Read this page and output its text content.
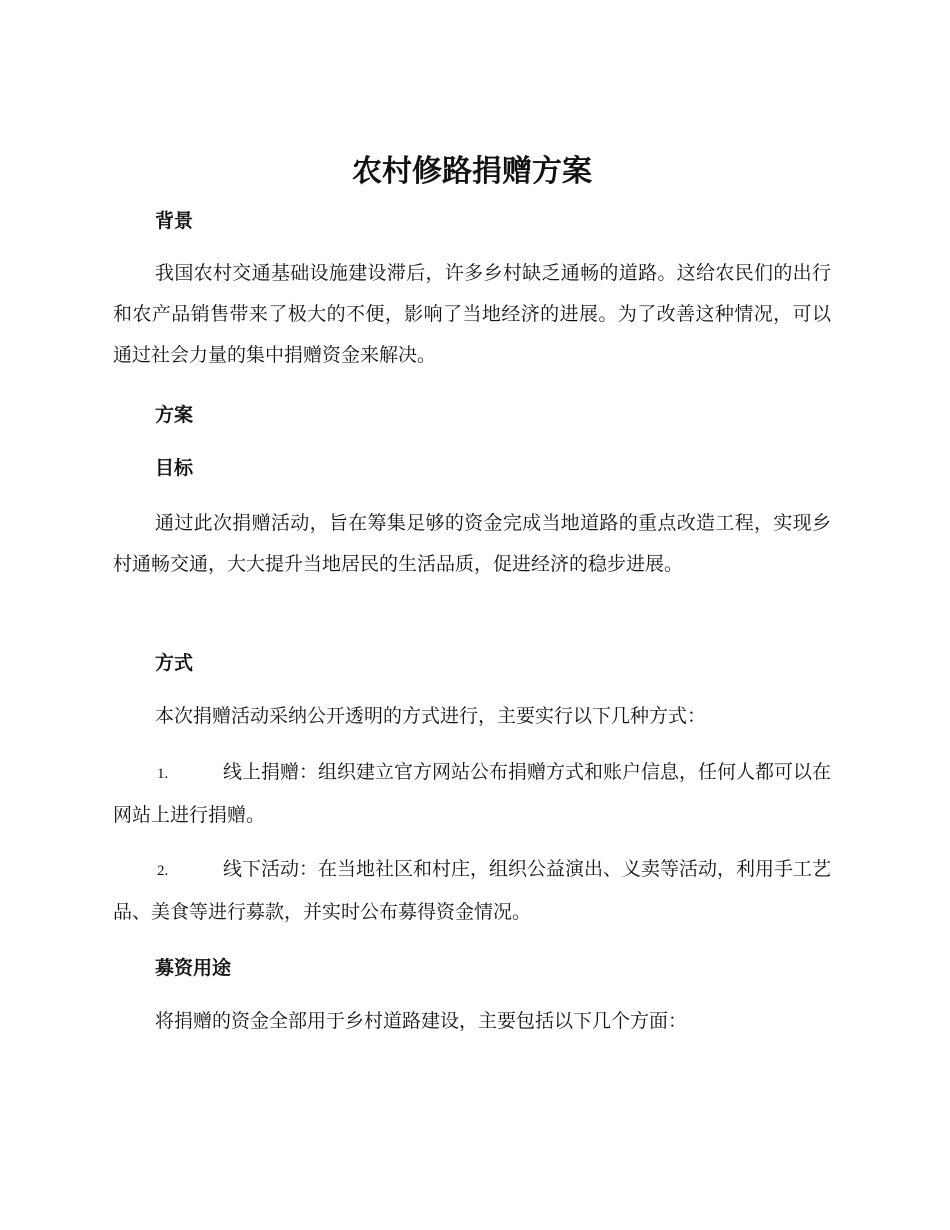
农村修路捐赠方案
背景

我国农村交通基础设施建设滞后，许多乡村缺乏通畅的道路。这给农民们的出行和农产品销售带来了极大的不便，影响了当地经济的进展。为了改善这种情况，可以通过社会力量的集中捐赠资金来解决。

方案
目标

通过此次捐赠活动，旨在筹集足够的资金完成当地道路的重点改造工程，实现乡村通畅交通，大大提升当地居民的生活品质，促进经济的稳步进展。

方式

本次捐赠活动采纳公开透明的方式进行，主要实行以下几种方式：

1.	线上捐赠：组织建立官方网站公布捐赠方式和账户信息，任何人都可以在网站上进行捐赠。

2.	线下活动：在当地社区和村庄，组织公益演出、义卖等活动，利用手工艺品、美食等进行募款，并实时公布募得资金情况。

募资用途

将捐赠的资金全部用于乡村道路建设，主要包括以下几个方面：
